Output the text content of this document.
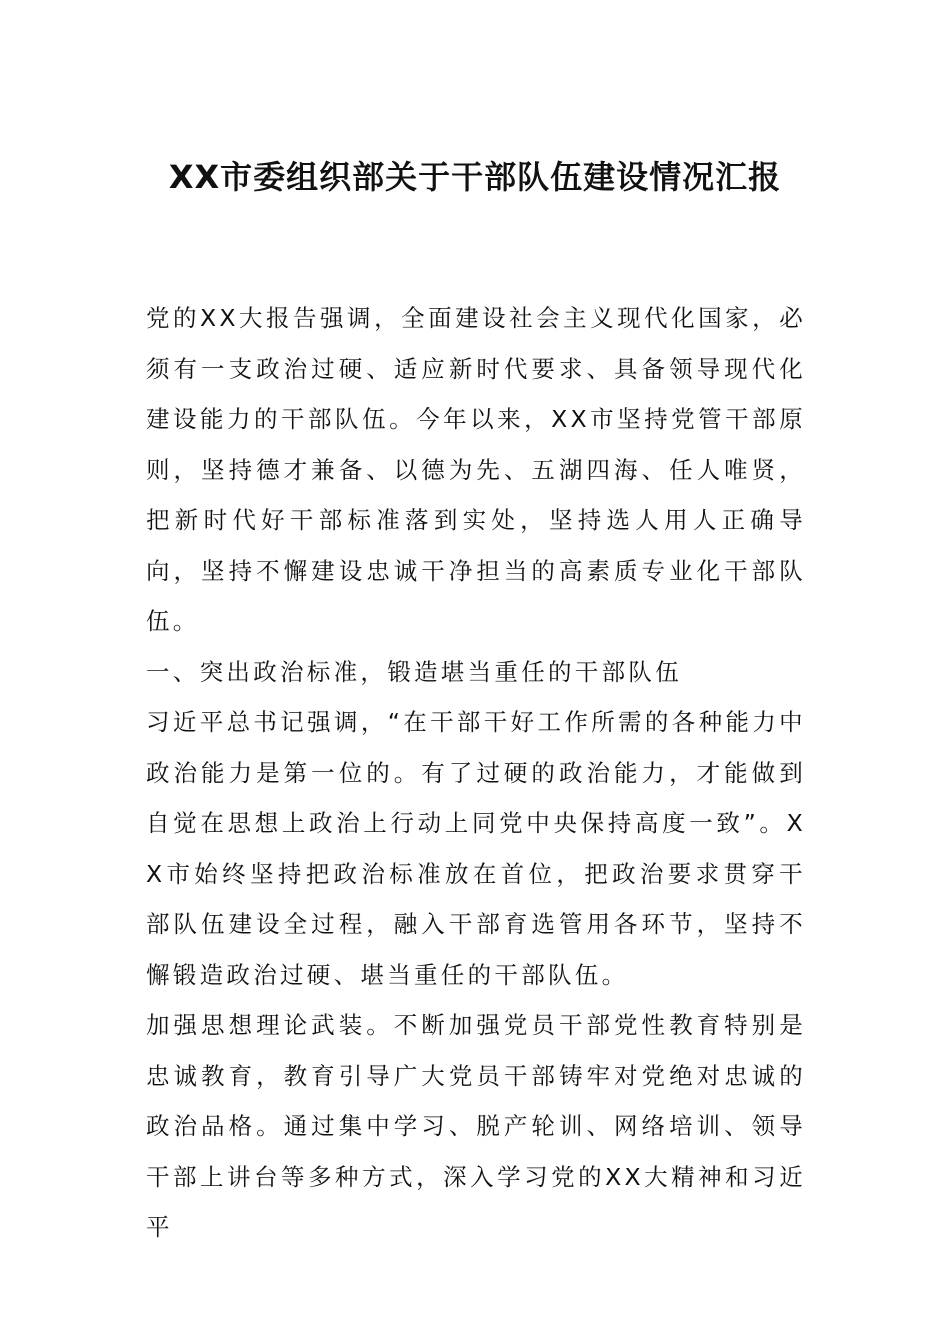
XX市委组织部关于干部队伍建设情况汇报

党的XX大报告强调，全面建设社会主义现代化国家，必须有一支政治过硬、适应新时代要求、具备领导现代化建设能力的干部队伍。今年以来，XX市坚持党管干部原则，坚持德才兼备、以德为先、五湖四海、任人唯贤，把新时代好干部标准落到实处，坚持选人用人正确导向，坚持不懈建设忠诚干净担当的高素质专业化干部队伍。

一、突出政治标准，锻造堪当重任的干部队伍

习近平总书记强调，“在干部干好工作所需的各种能力中政治能力是第一位的。有了过硬的政治能力，才能做到自觉在思想上政治上行动上同党中央保持高度一致”。XX市始终坚持把政治标准放在首位，把政治要求贯穿干部队伍建设全过程，融入干部育选管用各环节，坚持不懈锻造政治过硬、堪当重任的干部队伍。

加强思想理论武装。不断加强党员干部党性教育特别是忠诚教育，教育引导广大党员干部铸牢对党绝对忠诚的政治品格。通过集中学习、脱产轮训、网络培训、领导干部上讲台等多种方式，深入学习党的XX大精神和习近平
